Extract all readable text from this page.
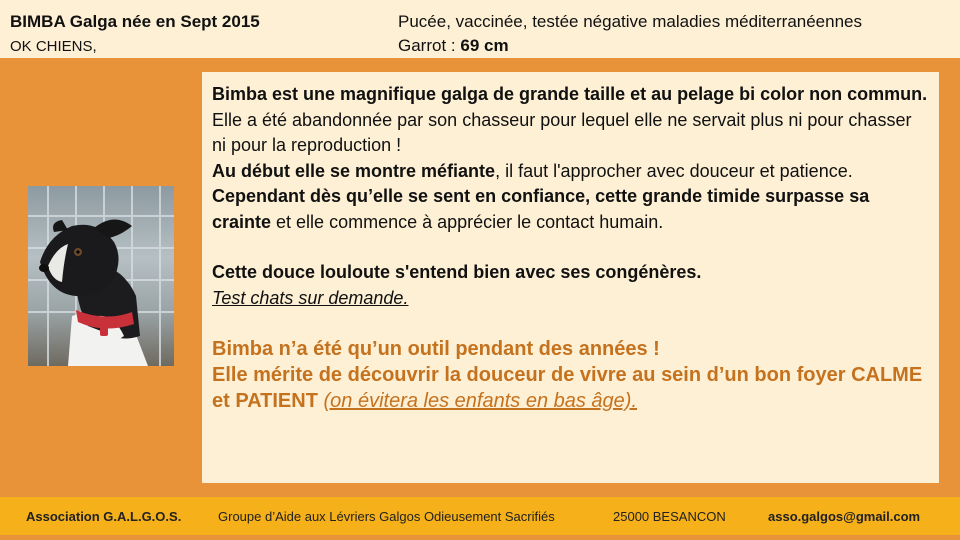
BIMBA Galga née en Sept 2015
OK CHIENS,
Pucée, vaccinée, testée négative maladies méditerranéennes
Garrot : 69 cm

Bimba est une magnifique galga de grande taille et au pelage bi color non commun.

Elle a été abandonnée par son chasseur pour lequel elle ne servait plus ni pour chasser ni pour la reproduction !

Au début elle se montre méfiante, il faut l'approcher avec douceur et patience.

Cependant dès qu’elle se sent en confiance, cette grande timide surpasse sa crainte et elle commence à apprécier le contact humain.

Cette douce louloute s'entend bien avec ses congénères.

Test chats sur demande.

Bimba n’a été qu’un outil pendant des années !

Elle mérite de découvrir la douceur de vivre au sein d’un bon foyer CALME et PATIENT (on évitera les enfants en bas âge).

Association G.A.L.G.O.S.	Groupe d’Aide aux Lévriers Galgos Odieusement Sacrifiés	25000 BESANCON	asso.galgos@gmail.com
